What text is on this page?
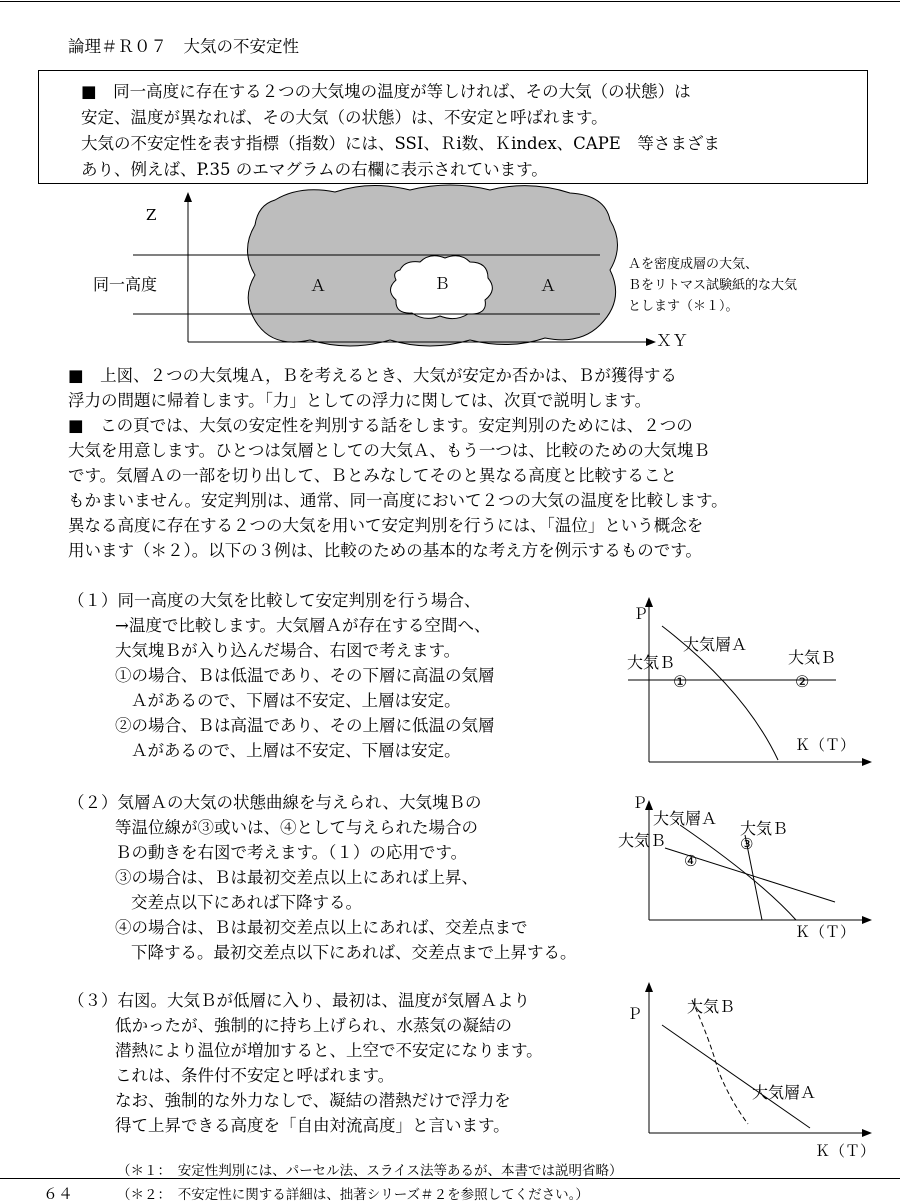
論理＃Ｒ０７　大気の不安定性
■　同一高度に存在する２つの大気塊の温度が等しければ、その大気（の状態）は
安定、温度が異なれば、その大気（の状態）は、不安定と呼ばれます。
大気の不安定性を表す指標（指数）には、SSI、Ｒi数、Ｋindex、CAPE　等さまざま
あり、例えば、P.35 のエマグラムの右欄に表示されています。
Z
ＸＹ
同一高度	Ａ	Ｂ	Ａ
Ａを密度成層の大気、
Ｂをリトマス試験紙的な大気
とします（＊１）。
■　上図、２つの大気塊Ａ，Ｂを考えるとき、大気が安定か否かは、Ｂが獲得する
浮力の問題に帰着します。「力」としての浮力に関しては、次頁で説明します。
■　この頁では、大気の安定性を判別する話をします。安定判別のためには、２つの
大気を用意します。ひとつは気層としての大気Ａ、もう一つは、比較のための大気塊Ｂ
です。気層Ａの一部を切り出して、Ｂとみなしてそのと異なる高度と比較すること
もかまいません。安定判別は、通常、同一高度において２つの大気の温度を比較します。
異なる高度に存在する２つの大気を用いて安定判別を行うには、「温位」という概念を
用います（＊２）。以下の３例は、比較のための基本的な考え方を例示するものです。
（１）同一高度の大気を比較して安定判別を行う場合、
→温度で比較します。大気層Ａが存在する空間へ、
大気塊Ｂが入り込んだ場合、右図で考えます。
①の場合、Ｂは低温であり、その下層に高温の気層
Ａがあるので、下層は不安定、上層は安定。
②の場合、Ｂは高温であり、その上層に低温の気層
Ａがあるので、上層は不安定、下層は安定。
Ｐ
Ｋ（Ｔ）
大気層Ａ
大気Ｂ	大気Ｂ
①	②
（２）気層Ａの大気の状態曲線を与えられ、大気塊Ｂの
等温位線が③或いは、④として与えられた場合の
Ｂの動きを右図で考えます。（１）の応用です。
③の場合は、Ｂは最初交差点以上にあれば上昇、
交差点以下にあれば下降する。
④の場合は、Ｂは最初交差点以上にあれば、交差点まで
下降する。最初交差点以下にあれば、交差点まで上昇する。
Ｐ
Ｋ（Ｔ）
大気層Ａ
大気Ｂ
大気Ｂ
③
④
（３）右図。大気Ｂが低層に入り、最初は、温度が気層Ａより
低かったが、強制的に持ち上げられ、水蒸気の凝結の
潜熱により温位が増加すると、上空で不安定になります。
これは、条件付不安定と呼ばれます。
なお、強制的な外力なしで、凝結の潜熱だけで浮力を
得て上昇できる高度を「自由対流高度」と言います。
Ｐ
Ｋ（Ｔ）
大気Ｂ
大気層Ａ
（＊１：　安定性判別には、パーセル法、スライス法等あるが、本書では説明省略）
６４	（＊２：　不安定性に関する詳細は、拙著シリーズ＃２を参照してください。）
